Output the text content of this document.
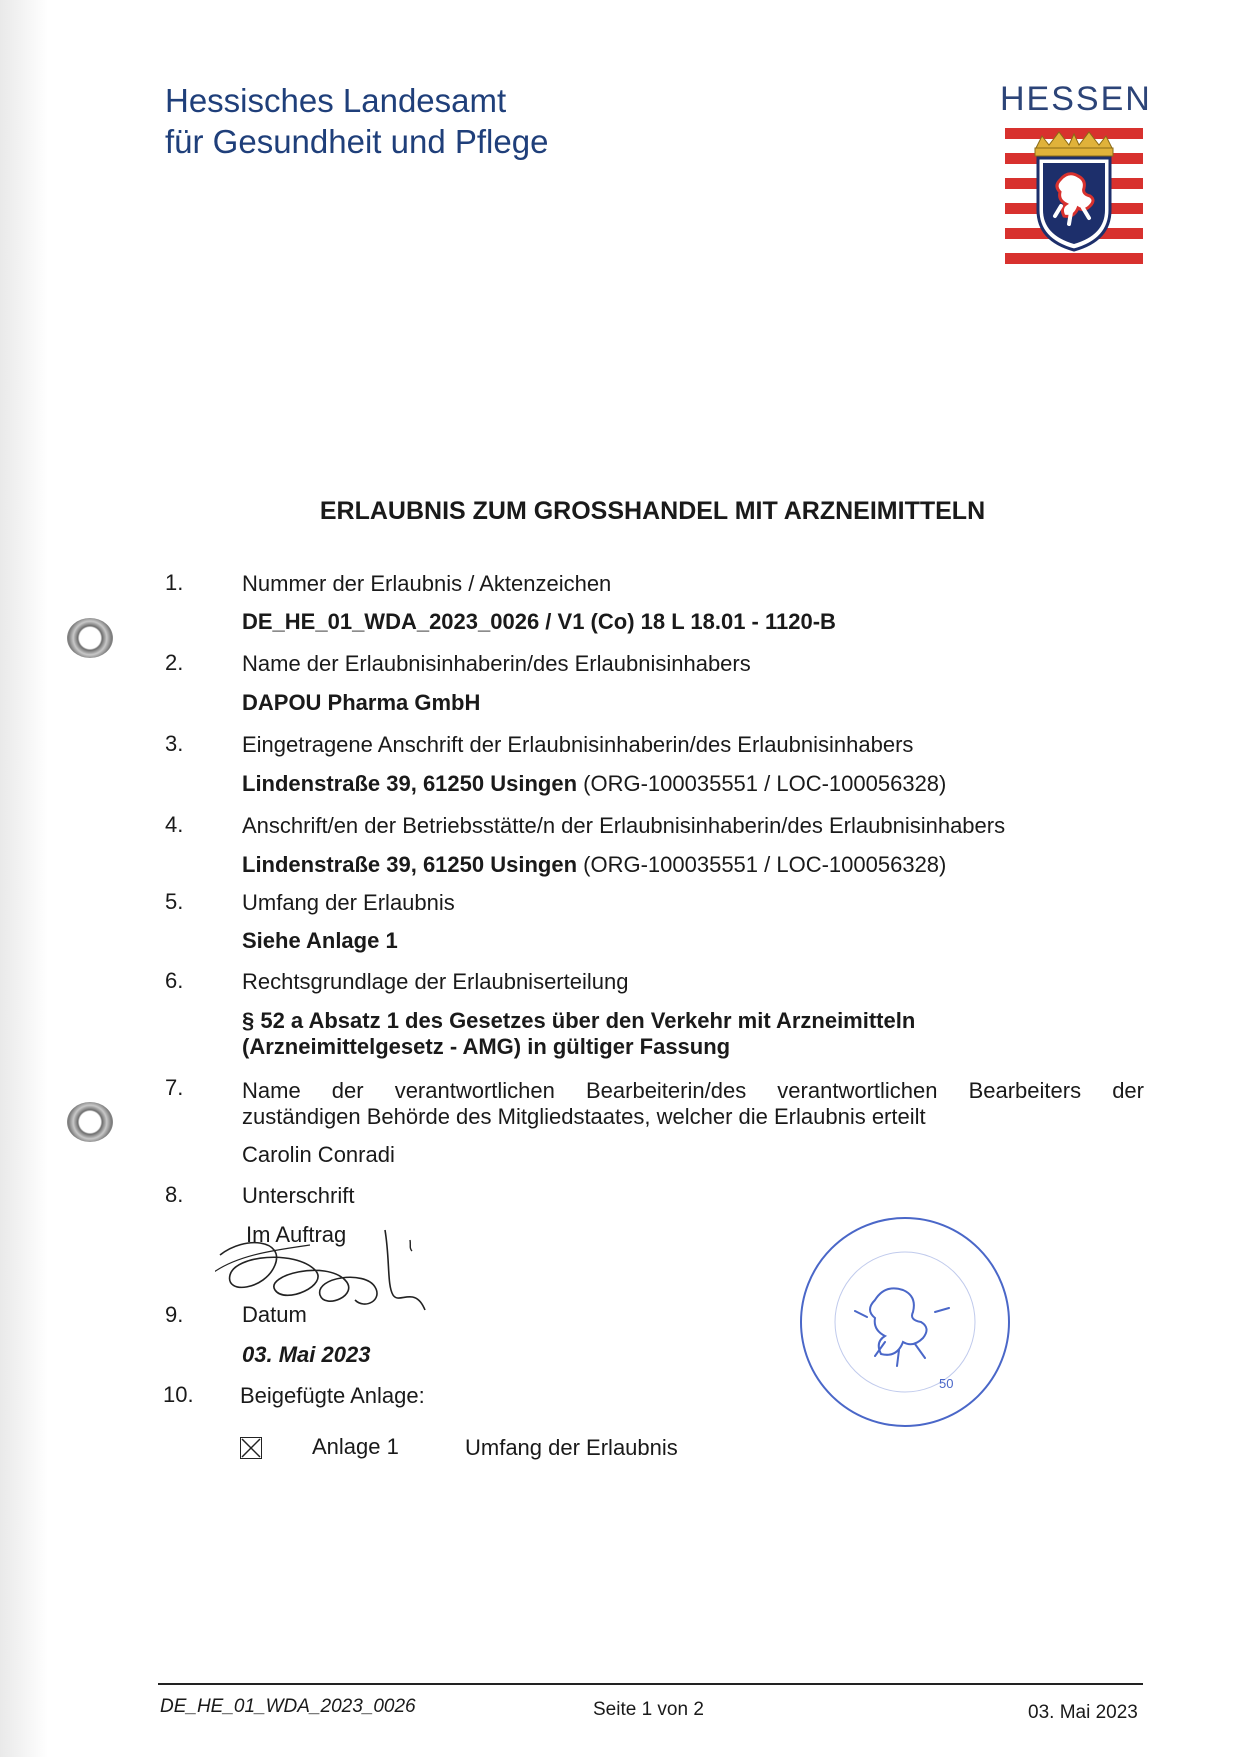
Hessisches Landesamt
für Gesundheit und Pflege
HESSEN
ERLAUBNIS ZUM GROSSHANDEL MIT ARZNEIMITTELN
1.	Nummer der Erlaubnis / Aktenzeichen
DE_HE_01_WDA_2023_0026 / V1 (Co) 18 L 18.01 - 1120-B
2.	Name der Erlaubnisinhaberin/des Erlaubnisinhabers
DAPOU Pharma GmbH
3.	Eingetragene Anschrift der Erlaubnisinhaberin/des Erlaubnisinhabers
Lindenstraße 39, 61250 Usingen (ORG-100035551 / LOC-100056328)
4.	Anschrift/en der Betriebsstätte/n der Erlaubnisinhaberin/des Erlaubnisinhabers
Lindenstraße 39, 61250 Usingen (ORG-100035551 / LOC-100056328)
5.	Umfang der Erlaubnis
Siehe Anlage 1
6.	Rechtsgrundlage der Erlaubniserteilung
§ 52 a Absatz 1 des Gesetzes über den Verkehr mit Arzneimitteln
(Arzneimittelgesetz - AMG) in gültiger Fassung
7.	Name der verantwortlichen Bearbeiterin/des verantwortlichen Bearbeiters der
zuständigen Behörde des Mitgliedstaates, welcher die Erlaubnis erteilt
Carolin Conradi
8.	Unterschrift
Im Auftrag
9.	Datum
03. Mai 2023
10. Beigefügte Anlage:
Anlage 1	Umfang der Erlaubnis
50
DE_HE_01_WDA_2023_0026	Seite 1 von 2	03. Mai 2023
